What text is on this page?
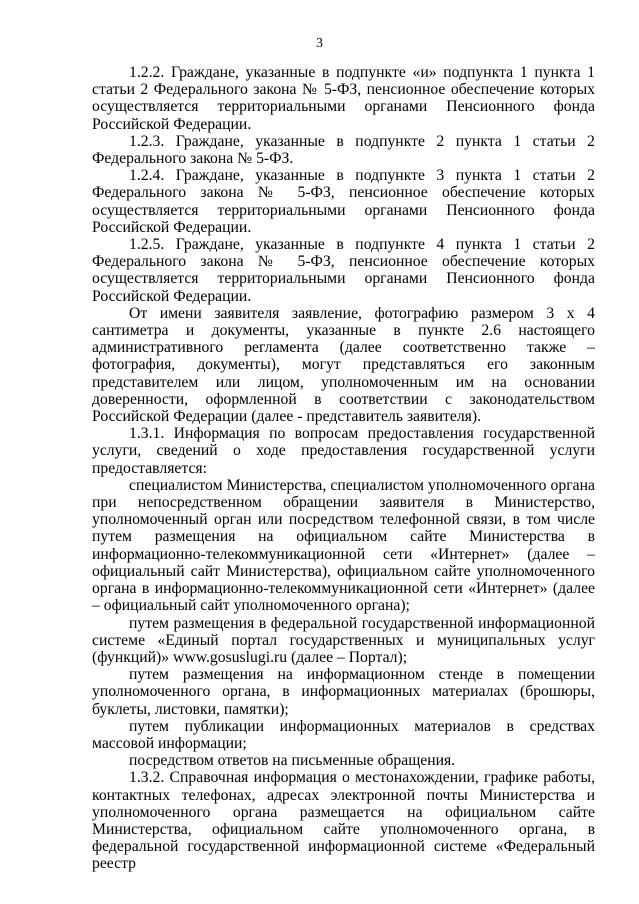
3

1.2.2. Граждане, указанные в подпункте «и» подпункта 1 пункта 1 статьи 2 Федерального закона № 5-ФЗ, пенсионное обеспечение которых осуществляется территориальными органами Пенсионного фонда Российской Федерации.

1.2.3. Граждане, указанные в подпункте 2 пункта 1 статьи 2 Федерального закона № 5-ФЗ.

1.2.4. Граждане, указанные в подпункте 3 пункта 1 статьи 2 Федерального закона № 5-ФЗ, пенсионное обеспечение которых осуществляется территориальными органами Пенсионного фонда Российской Федерации.

1.2.5. Граждане, указанные в подпункте 4 пункта 1 статьи 2 Федерального закона № 5-ФЗ, пенсионное обеспечение которых осуществляется территориальными органами Пенсионного фонда Российской Федерации.

От имени заявителя заявление, фотографию размером 3 х 4 сантиметра и документы, указанные в пункте 2.6 настоящего административного регламента (далее соответственно также – фотография, документы), могут представляться его законным представителем или лицом, уполномоченным им на основании доверенности, оформленной в соответствии с законодательством Российской Федерации (далее - представитель заявителя).

1.3.1. Информация по вопросам предоставления государственной услуги, сведений о ходе предоставления государственной услуги предоставляется:

специалистом Министерства, специалистом уполномоченного органа при непосредственном обращении заявителя в Министерство, уполномоченный орган или посредством телефонной связи, в том числе путем размещения на официальном сайте Министерства в информационно-телекоммуникационной сети «Интернет» (далее – официальный сайт Министерства), официальном сайте уполномоченного органа в информационно-телекоммуникационной сети «Интернет» (далее – официальный сайт уполномоченного органа);

путем размещения в федеральной государственной информационной системе «Единый портал государственных и муниципальных услуг (функций)» www.gosuslugi.ru (далее – Портал);

путем размещения на информационном стенде в помещении уполномоченного органа, в информационных материалах (брошюры, буклеты, листовки, памятки);

путем публикации информационных материалов в средствах массовой информации;

посредством ответов на письменные обращения.

1.3.2. Справочная информация о местонахождении, графике работы, контактных телефонах, адресах электронной почты Министерства и уполномоченного органа размещается на официальном сайте Министерства, официальном сайте уполномоченного органа, в федеральной государственной информационной системе «Федеральный реестр
